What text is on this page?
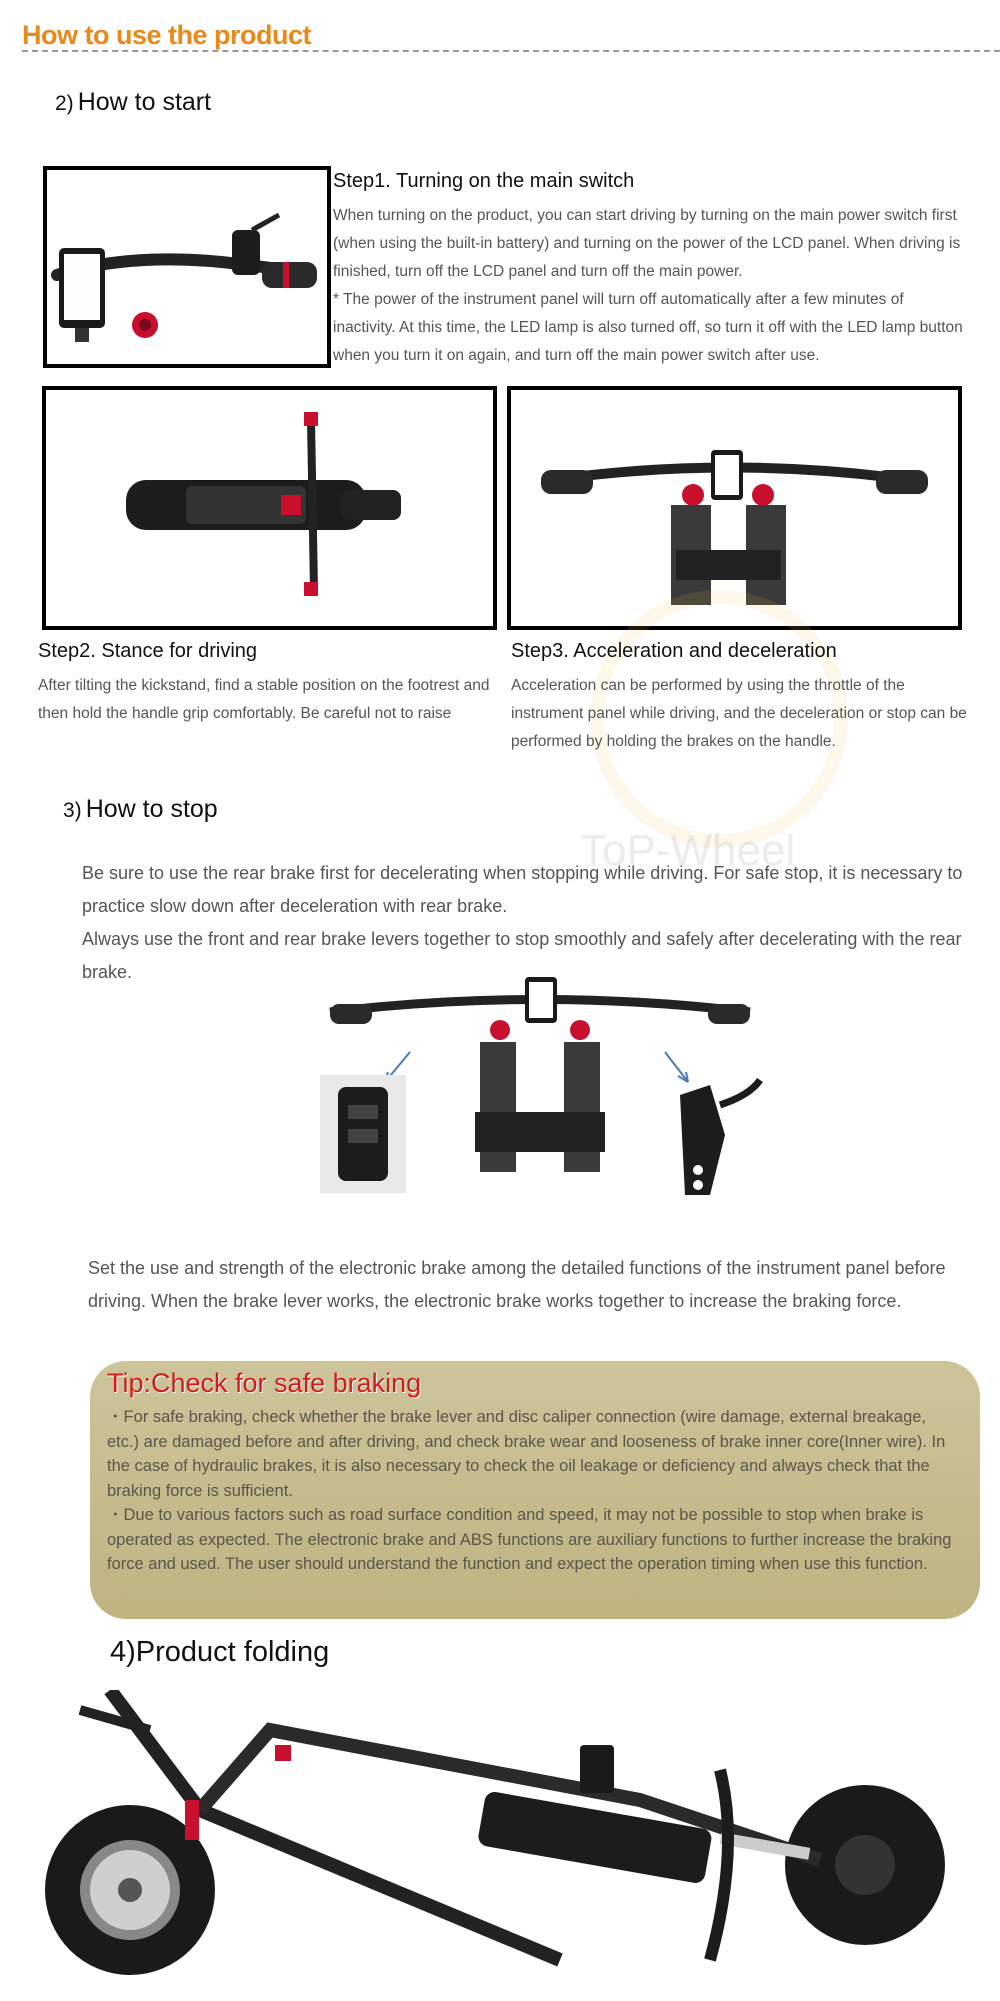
How to use the product
2) How to start
Step1. Turning on the main switch
When turning on the product, you can start driving by turning on the main power switch first (when using the built-in battery) and turning on the power of the LCD panel. When driving is finished, turn off the LCD panel and turn off the main power.
* The power of the instrument panel will turn off automatically after a few minutes of inactivity. At this time, the LED lamp is also turned off, so turn it off with the LED lamp button when you turn it on again, and turn off the main power switch after use.
ToP-Wheel
Step2. Stance for driving
After tilting the kickstand, find a stable position on the footrest and then hold the handle grip comfortably. Be careful not to raise
Step3. Acceleration and deceleration
Acceleration can be performed by using the throttle of the instrument panel while driving, and the deceleration or stop can be performed by holding the brakes on the handle.
3) How to stop
Be sure to use the rear brake first for decelerating when stopping while driving. For safe stop, it is necessary to practice slow down after deceleration with rear brake.
Always use the front and rear brake levers together to stop smoothly and safely after decelerating with the rear brake.
Set the use and strength of the electronic brake among the detailed functions of the instrument panel before driving. When the brake lever works, the electronic brake works together to increase the braking force.
Tip:Check for safe braking
・For safe braking, check whether the brake lever and disc caliper connection (wire damage, external breakage, etc.) are damaged before and after driving, and check brake wear and looseness of brake inner core(Inner wire). In the case of hydraulic brakes, it is also necessary to check the oil leakage or deficiency and always check that the braking force is sufficient.
・Due to various factors such as road surface condition and speed, it may not be possible to stop when brake is operated as expected. The electronic brake and ABS functions are auxiliary functions to further increase the braking force and used. The user should understand the function and expect the operation timing when use this function.
4)Product folding
